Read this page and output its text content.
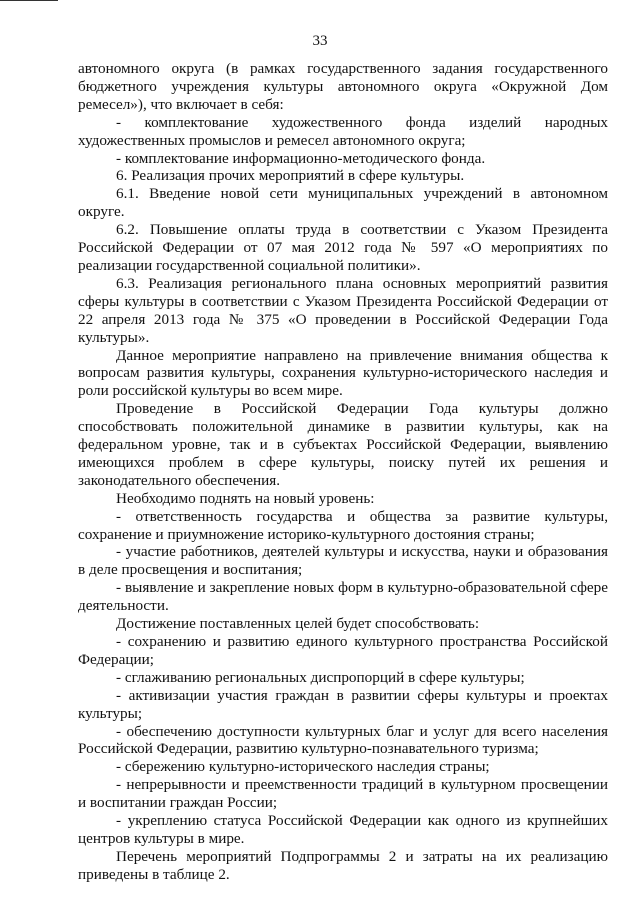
33

автономного округа (в рамках государственного задания государственного бюджетного учреждения культуры автономного округа «Окружной Дом ремесел»), что включает в себя:

- комплектование художественного фонда изделий народных художественных промыслов и ремесел автономного округа;

- комплектование информационно-методического фонда.

6. Реализация прочих мероприятий в сфере культуры.

6.1. Введение новой сети муниципальных учреждений в автономном округе.

6.2. Повышение оплаты труда в соответствии с Указом Президента Российской Федерации от 07 мая 2012 года № 597 «О мероприятиях по реализации государственной социальной политики».

6.3. Реализация регионального плана основных мероприятий развития сферы культуры в соответствии с Указом Президента Российской Федерации от 22 апреля 2013 года № 375 «О проведении в Российской Федерации Года культуры».

Данное мероприятие направлено на привлечение внимания общества к вопросам развития культуры, сохранения культурно-исторического наследия и роли российской культуры во всем мире.

Проведение в Российской Федерации Года культуры должно способствовать положительной динамике в развитии культуры, как на федеральном уровне, так и в субъектах Российской Федерации, выявлению имеющихся проблем в сфере культуры, поиску путей их решения и законодательного обеспечения.

Необходимо поднять на новый уровень:

- ответственность государства и общества за развитие культуры, сохранение и приумножение историко-культурного достояния страны;

- участие работников, деятелей культуры и искусства, науки и образования в деле просвещения и воспитания;

- выявление и закрепление новых форм в культурно-образовательной сфере деятельности.

Достижение поставленных целей будет способствовать:

- сохранению и развитию единого культурного пространства Российской Федерации;

- сглаживанию региональных диспропорций в сфере культуры;

- активизации участия граждан в развитии сферы культуры и проектах культуры;

- обеспечению доступности культурных благ и услуг для всего населения Российской Федерации, развитию культурно-познавательного туризма;

- сбережению культурно-исторического наследия страны;

- непрерывности и преемственности традиций в культурном просвещении и воспитании граждан России;

- укреплению статуса Российской Федерации как одного из крупнейших центров культуры в мире.

Перечень мероприятий Подпрограммы 2 и затраты на их реализацию приведены в таблице 2.
